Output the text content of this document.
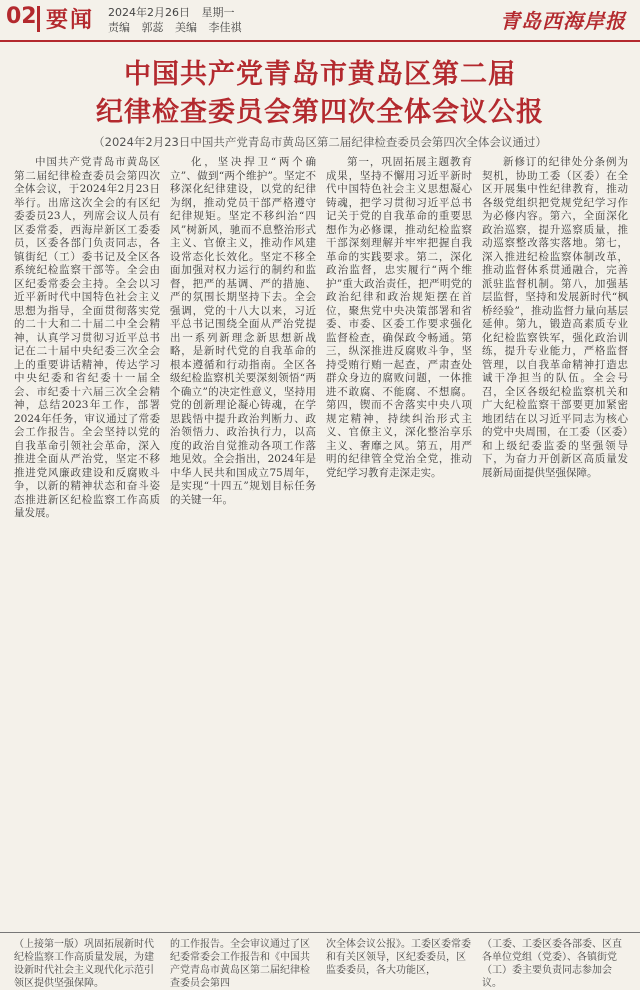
02 要闻 2024年2月26日 星期一
责编 郭蕊 美编 李佳祺	青岛西海岸报
中国共产党青岛市黄岛区第二届
纪律检查委员会第四次全体会议公报
（2024年2月23日中国共产党青岛市黄岛区第二届纪律检查委员会第四次全体会议通过）

中国共产党青岛市黄岛区第二届纪律检查委员会第四次全体会议，于2024年2月23日举行。出席这次全会的有区纪委委员23人，列席会议人员有区委常委，西海岸新区工委委员，区委各部门负责同志，各镇街纪（工）委书记及全区各系统纪检监察干部等。全会由区纪委常委会主持。全会以习近平新时代中国特色社会主义思想为指导，全面贯彻落实党的二十大和二十届二中全会精神，认真学习贯彻习近平总书记在二十届中央纪委三次全会上的重要讲话精神，传达学习中央纪委和省纪委十一届全会、市纪委十六届三次全会精神，总结2023年工作，部署2024年任务，审议通过了常委会工作报告。全会坚持以党的自我革命引领社会革命，深入推进全面从严治党，坚定不移推进党风廉政建设和反腐败斗争，以新的精神状态和奋斗姿态推进新区纪检监察工作高质量发展。

化，坚决捍卫“两个确立”、做到“两个维护”。坚定不移深化纪律建设，以党的纪律为纲，推动党员干部严格遵守纪律规矩。坚定不移纠治“四风”树新风，驰而不息整治形式主义、官僚主义，推动作风建设常态化长效化。坚定不移全面加强对权力运行的制约和监督，把严的基调、严的措施、严的氛围长期坚持下去。全会强调，党的十八大以来，习近平总书记围绕全面从严治党提出一系列新理念新思想新战略，是新时代党的自我革命的根本遵循和行动指南。全区各级纪检监察机关要深刻领悟“两个确立”的决定性意义，坚持用党的创新理论凝心铸魂，在学思践悟中提升政治判断力、政治领悟力、政治执行力，以高度的政治自觉推动各项工作落地见效。全会指出，2024年是中华人民共和国成立75周年，是实现“十四五”规划目标任务的关键一年。

第一，巩固拓展主题教育成果，坚持不懈用习近平新时代中国特色社会主义思想凝心铸魂，把学习贯彻习近平总书记关于党的自我革命的重要思想作为必修课，推动纪检监察干部深刻理解并牢牢把握自我革命的实践要求。第二，深化政治监督，忠实履行“两个维护”重大政治责任，把严明党的政治纪律和政治规矩摆在首位，聚焦党中央决策部署和省委、市委、区委工作要求强化监督检查，确保政令畅通。第三，纵深推进反腐败斗争，坚持受贿行贿一起查，严肃查处群众身边的腐败问题，一体推进不敢腐、不能腐、不想腐。第四，锲而不舍落实中央八项规定精神，持续纠治形式主义、官僚主义，深化整治享乐主义、奢靡之风。第五，用严明的纪律管全党治全党，推动党纪学习教育走深走实。

新修订的纪律处分条例为契机，协助工委（区委）在全区开展集中性纪律教育，推动各级党组织把党规党纪学习作为必修内容。第六，全面深化政治巡察，提升巡察质量，推动巡察整改落实落地。第七，深入推进纪检监察体制改革，推动监督体系贯通融合，完善派驻监督机制。第八，加强基层监督，坚持和发展新时代“枫桥经验”，推动监督力量向基层延伸。第九，锻造高素质专业化纪检监察铁军，强化政治训练，提升专业能力，严格监督管理，以自我革命精神打造忠诚干净担当的队伍。全会号召，全区各级纪检监察机关和广大纪检监察干部要更加紧密地团结在以习近平同志为核心的党中央周围，在工委（区委）和上级纪委监委的坚强领导下，为奋力开创新区高质量发展新局面提供坚强保障。

（上接第一版）巩固拓展新时代纪检监察工作高质量发展，为建设新时代社会主义现代化示范引领区提供坚强保障。
的工作报告。全会审议通过了区纪委常委会工作报告和《中国共产党青岛市黄岛区第二届纪律检查委员会第四
次全体会议公报》。工委区委常委和有关区领导，区纪委委员，区监委委员，各大功能区，
（工委、工委区委各部委、区直各单位党组（党委）、各镇街党（工）委主要负责同志参加会议。
